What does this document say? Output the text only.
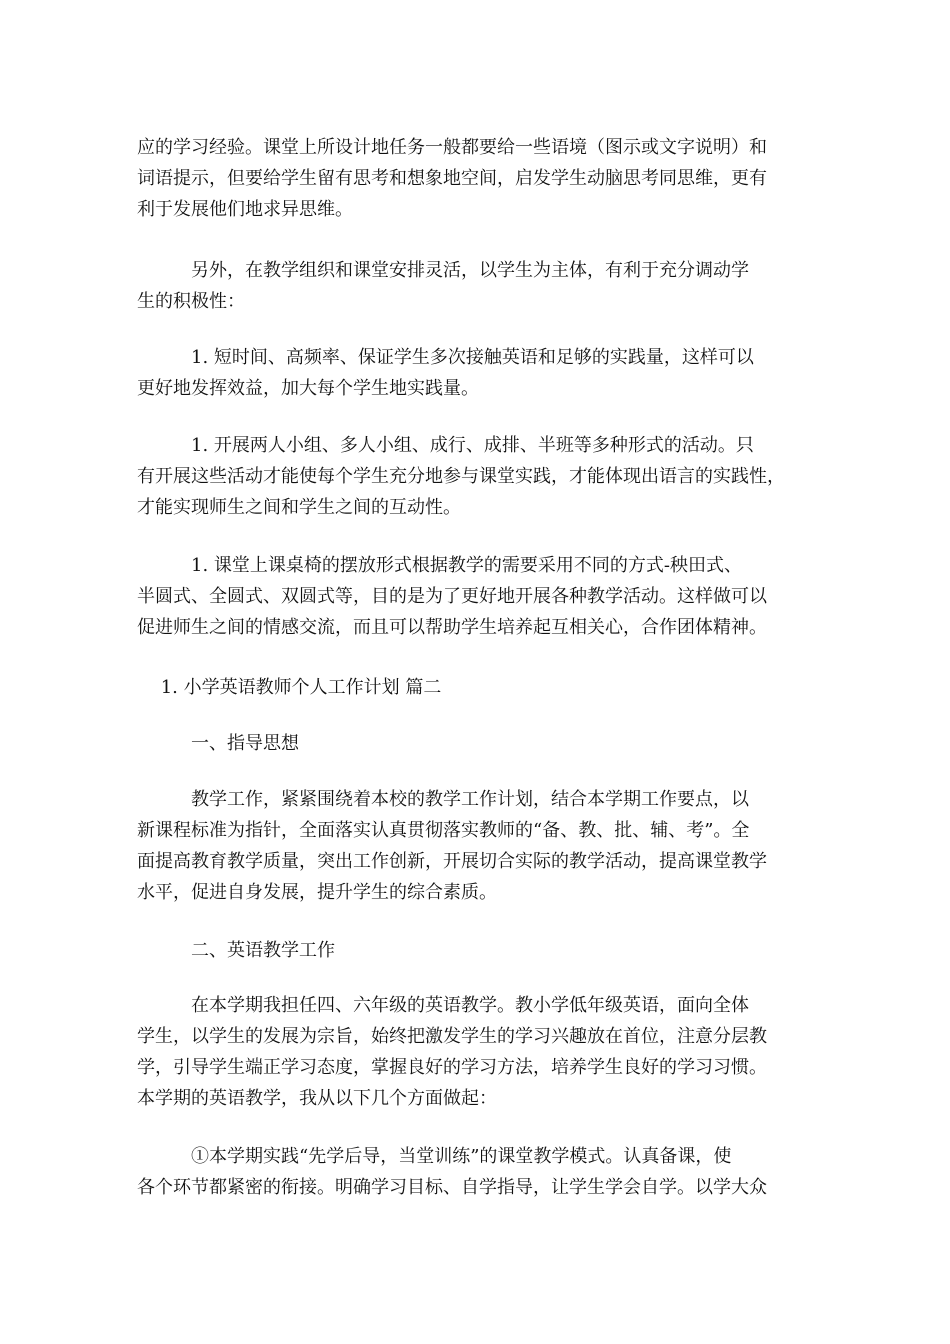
应的学习经验。课堂上所设计地任务一般都要给一些语境（图示或文字说明）和
词语提示，但要给学生留有思考和想象地空间，启发学生动脑思考同思维，更有
利于发展他们地求异思维。

　　　另外，在教学组织和课堂安排灵活，以学生为主体，有利于充分调动学
生的积极性：

　　　1. 短时间、高频率、保证学生多次接触英语和足够的实践量，这样可以
更好地发挥效益，加大每个学生地实践量。

　　　1. 开展两人小组、多人小组、成行、成排、半班等多种形式的活动。只
有开展这些活动才能使每个学生充分地参与课堂实践，才能体现出语言的实践性，
才能实现师生之间和学生之间的互动性。

　　　1. 课堂上课桌椅的摆放形式根据教学的需要采用不同的方式-秧田式、
半圆式、全圆式、双圆式等，目的是为了更好地开展各种教学活动。这样做可以
促进师生之间的情感交流，而且可以帮助学生培养起互相关心，合作团体精神。

　 1. 小学英语教师个人工作计划 篇二

　　　一、指导思想

　　　教学工作，紧紧围绕着本校的教学工作计划，结合本学期工作要点，以
新课程标准为指针，全面落实认真贯彻落实教师的“备、教、批、辅、考”。全
面提高教育教学质量，突出工作创新，开展切合实际的教学活动，提高课堂教学
水平，促进自身发展，提升学生的综合素质。

　　　二、英语教学工作

　　　在本学期我担任四、六年级的英语教学。教小学低年级英语，面向全体
学生，以学生的发展为宗旨，始终把激发学生的学习兴趣放在首位，注意分层教
学，引导学生端正学习态度，掌握良好的学习方法，培养学生良好的学习习惯。
本学期的英语教学，我从以下几个方面做起：

　　　①本学期实践“先学后导，当堂训练”的课堂教学模式。认真备课，使
各个环节都紧密的衔接。明确学习目标、自学指导，让学生学会自学。以学大众
